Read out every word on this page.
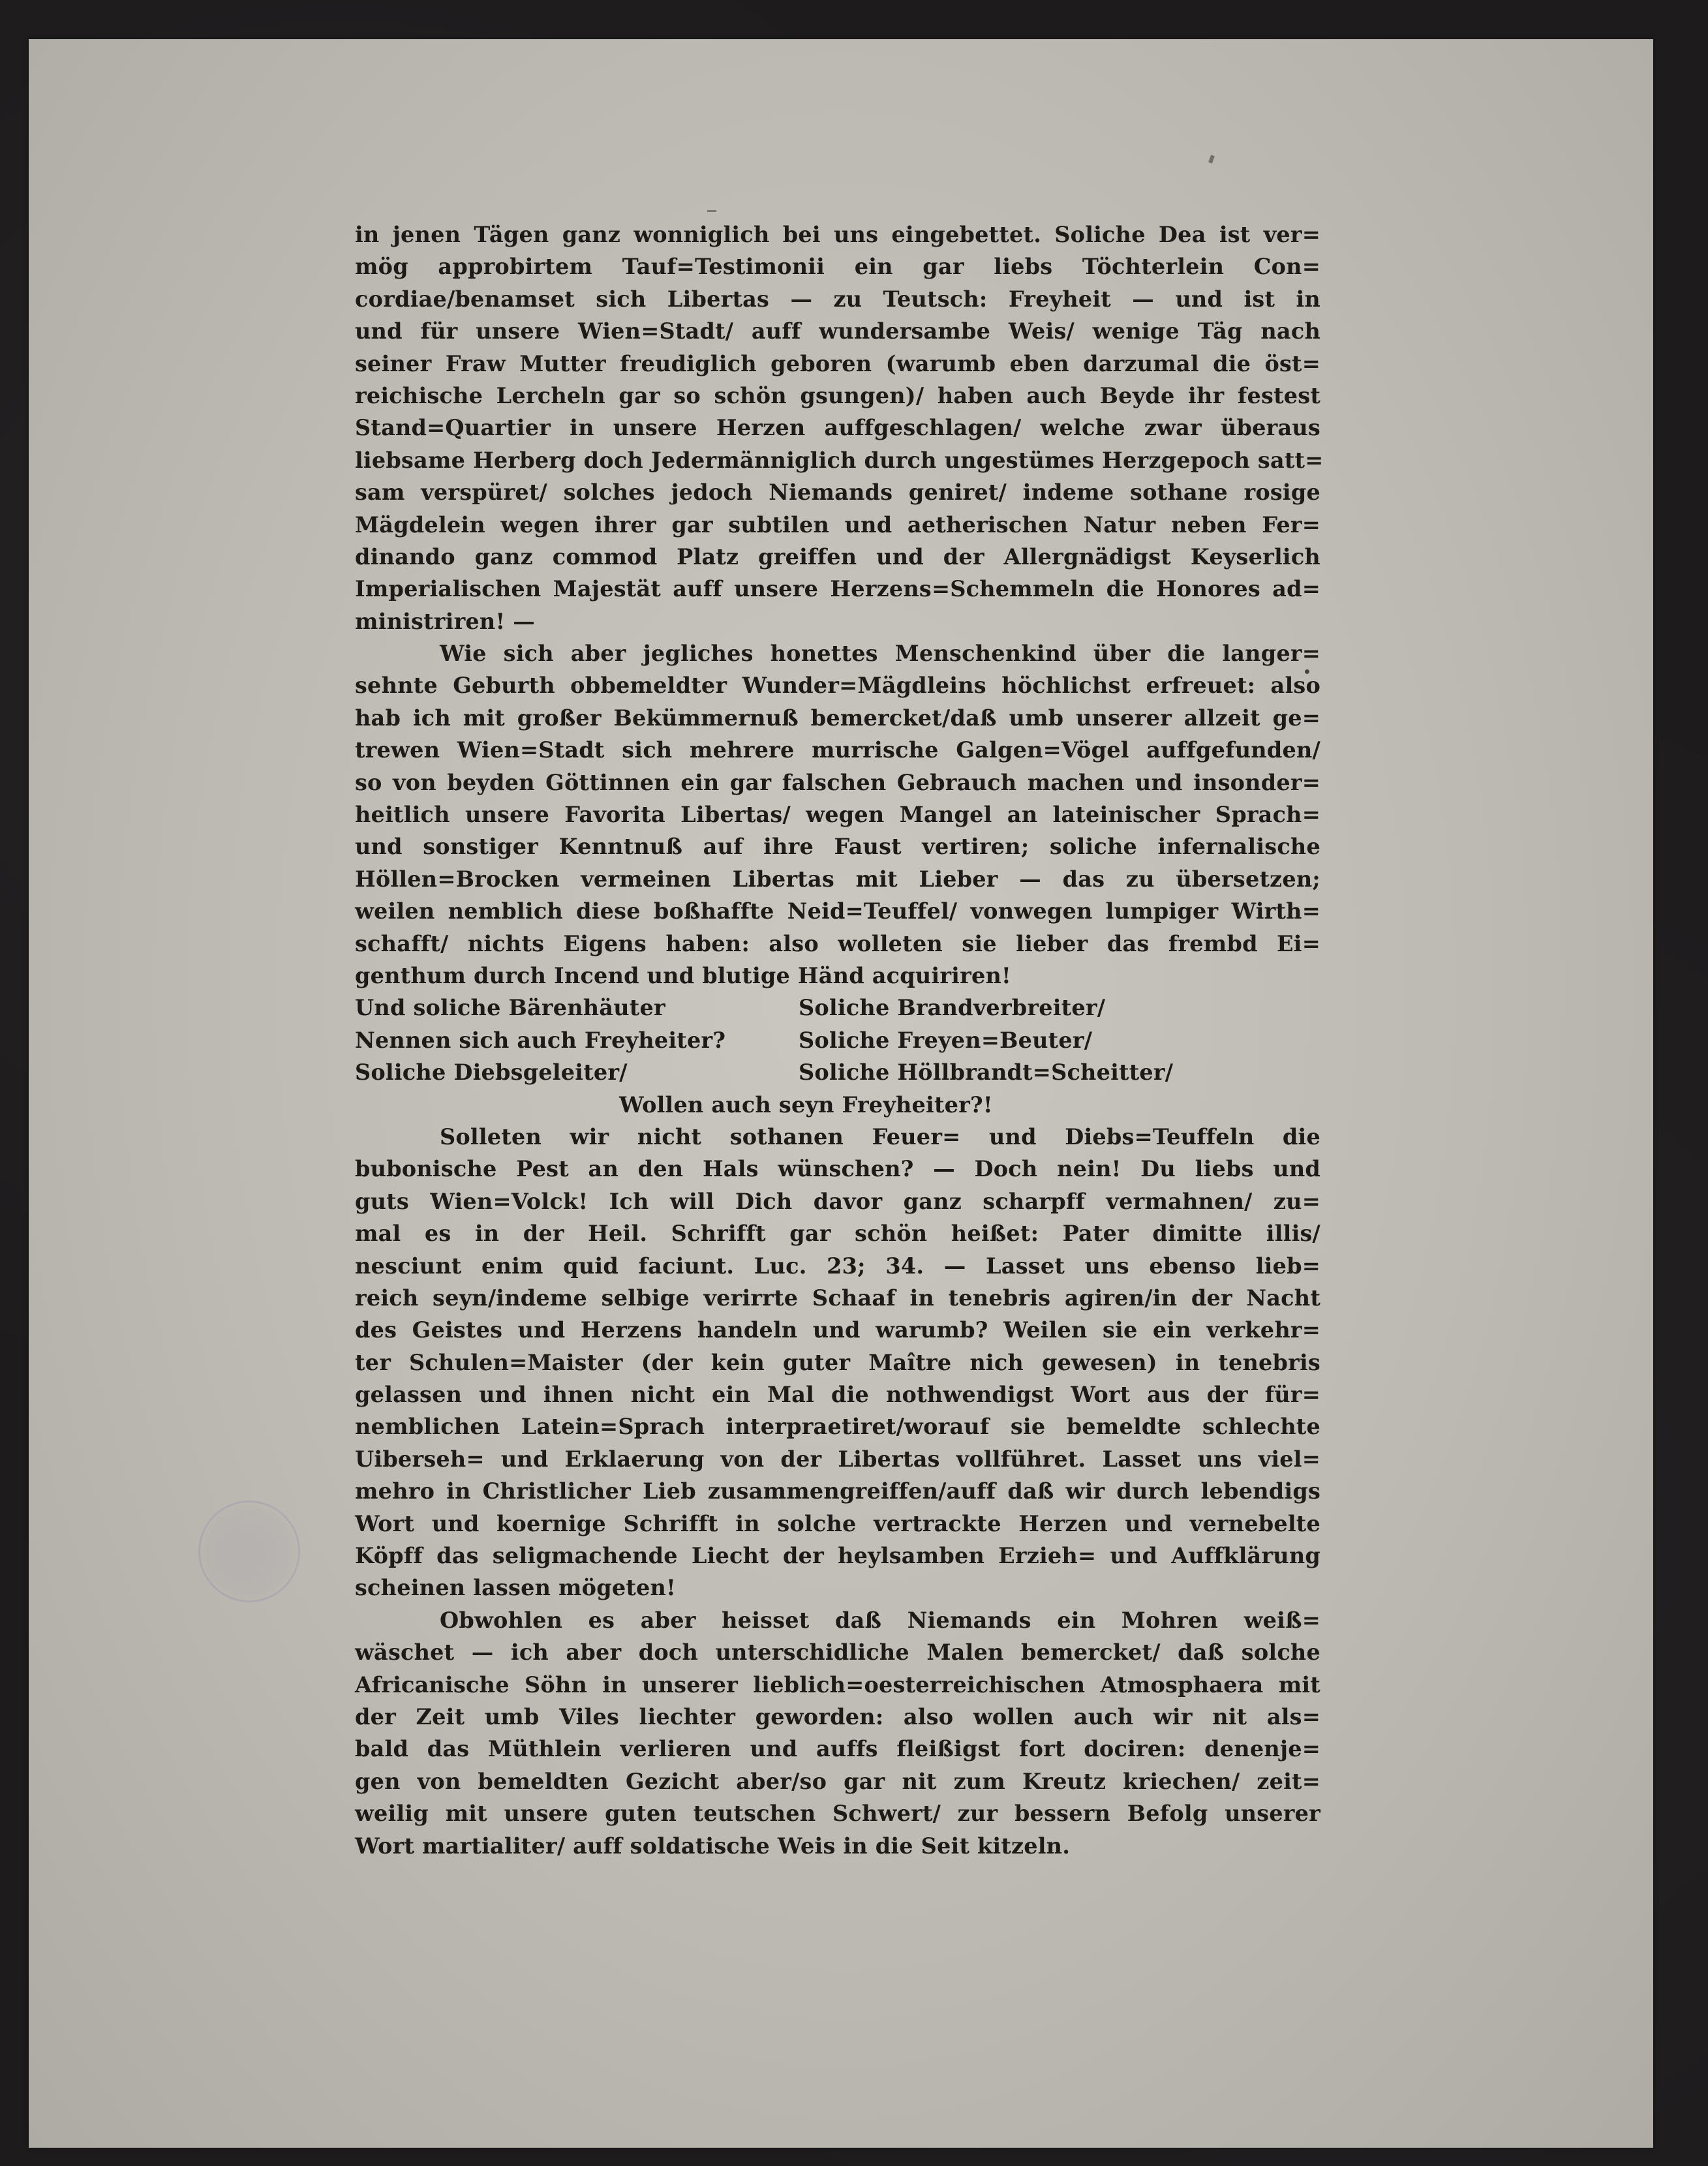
in jenen Tägen ganz wonniglich bei uns eingebettet. Soliche Dea ist ver=
mög approbirtem Tauf=Testimonii ein gar liebs Töchterlein Con=
cordiae/benamset sich Libertas — zu Teutsch: Freyheit — und ist in
und für unsere Wien=Stadt/ auff wundersambe Weis/ wenige Täg nach
seiner Fraw Mutter freudiglich geboren (warumb eben darzumal die öst=
reichische Lercheln gar so schön gsungen)/ haben auch Beyde ihr festest
Stand=Quartier in unsere Herzen auffgeschlagen/ welche zwar überaus
liebsame Herberg doch Jedermänniglich durch ungestümes Herzgepoch satt=
sam verspüret/ solches jedoch Niemands geniret/ indeme sothane rosige
Mägdelein wegen ihrer gar subtilen und aetherischen Natur neben Fer=
dinando ganz commod Platz greiffen und der Allergnädigst Keyserlich
Imperialischen Majestät auff unsere Herzens=Schemmeln die Honores ad=
ministriren! —
Wie sich aber jegliches honettes Menschenkind über die langer=
sehnte Geburth obbemeldter Wunder=Mägdleins höchlichst erfreuet: also
hab ich mit großer Bekümmernuß bemercket/daß umb unserer allzeit ge=
trewen Wien=Stadt sich mehrere murrische Galgen=Vögel auffgefunden/
so von beyden Göttinnen ein gar falschen Gebrauch machen und insonder=
heitlich unsere Favorita Libertas/ wegen Mangel an lateinischer Sprach=
und sonstiger Kenntnuß auf ihre Faust vertiren; soliche infernalische
Höllen=Brocken vermeinen Libertas mit Lieber — das zu übersetzen;
weilen nemblich diese boßhaffte Neid=Teuffel/ vonwegen lumpiger Wirth=
schafft/ nichts Eigens haben: also wolleten sie lieber das frembd Ei=
genthum durch Incend und blutige Händ acquiriren!
Und soliche Bärenhäuter	Soliche Brandverbreiter/
Nennen sich auch Freyheiter?	Soliche Freyen=Beuter/
Soliche Diebsgeleiter/	Soliche Höllbrandt=Scheitter/
Wollen auch seyn Freyheiter?!
Solleten wir nicht sothanen Feuer= und Diebs=Teuffeln die
bubonische Pest an den Hals wünschen? — Doch nein! Du liebs und
guts Wien=Volck! Ich will Dich davor ganz scharpff vermahnen/ zu=
mal es in der Heil. Schrifft gar schön heißet: Pater dimitte illis/
nesciunt enim quid faciunt. Luc. 23; 34. — Lasset uns ebenso lieb=
reich seyn/indeme selbige verirrte Schaaf in tenebris agiren/in der Nacht
des Geistes und Herzens handeln und warumb? Weilen sie ein verkehr=
ter Schulen=Maister (der kein guter Maître nich gewesen) in tenebris
gelassen und ihnen nicht ein Mal die nothwendigst Wort aus der für=
nemblichen Latein=Sprach interpraetiret/worauf sie bemeldte schlechte
Uiberseh= und Erklaerung von der Libertas vollführet. Lasset uns viel=
mehro in Christlicher Lieb zusammengreiffen/auff daß wir durch lebendigs
Wort und koernige Schrifft in solche vertrackte Herzen und vernebelte
Köpff das seligmachende Liecht der heylsamben Erzieh= und Auffklärung
scheinen lassen mögeten!
Obwohlen es aber heisset daß Niemands ein Mohren weiß=
wäschet — ich aber doch unterschidliche Malen bemercket/ daß solche
Africanische Söhn in unserer lieblich=oesterreichischen Atmosphaera mit
der Zeit umb Viles liechter geworden: also wollen auch wir nit als=
bald das Müthlein verlieren und auffs fleißigst fort dociren: denenje=
gen von bemeldten Gezicht aber/so gar nit zum Kreutz kriechen/ zeit=
weilig mit unsere guten teutschen Schwert/ zur bessern Befolg unserer
Wort martialiter/ auff soldatische Weis in die Seit kitzeln.
